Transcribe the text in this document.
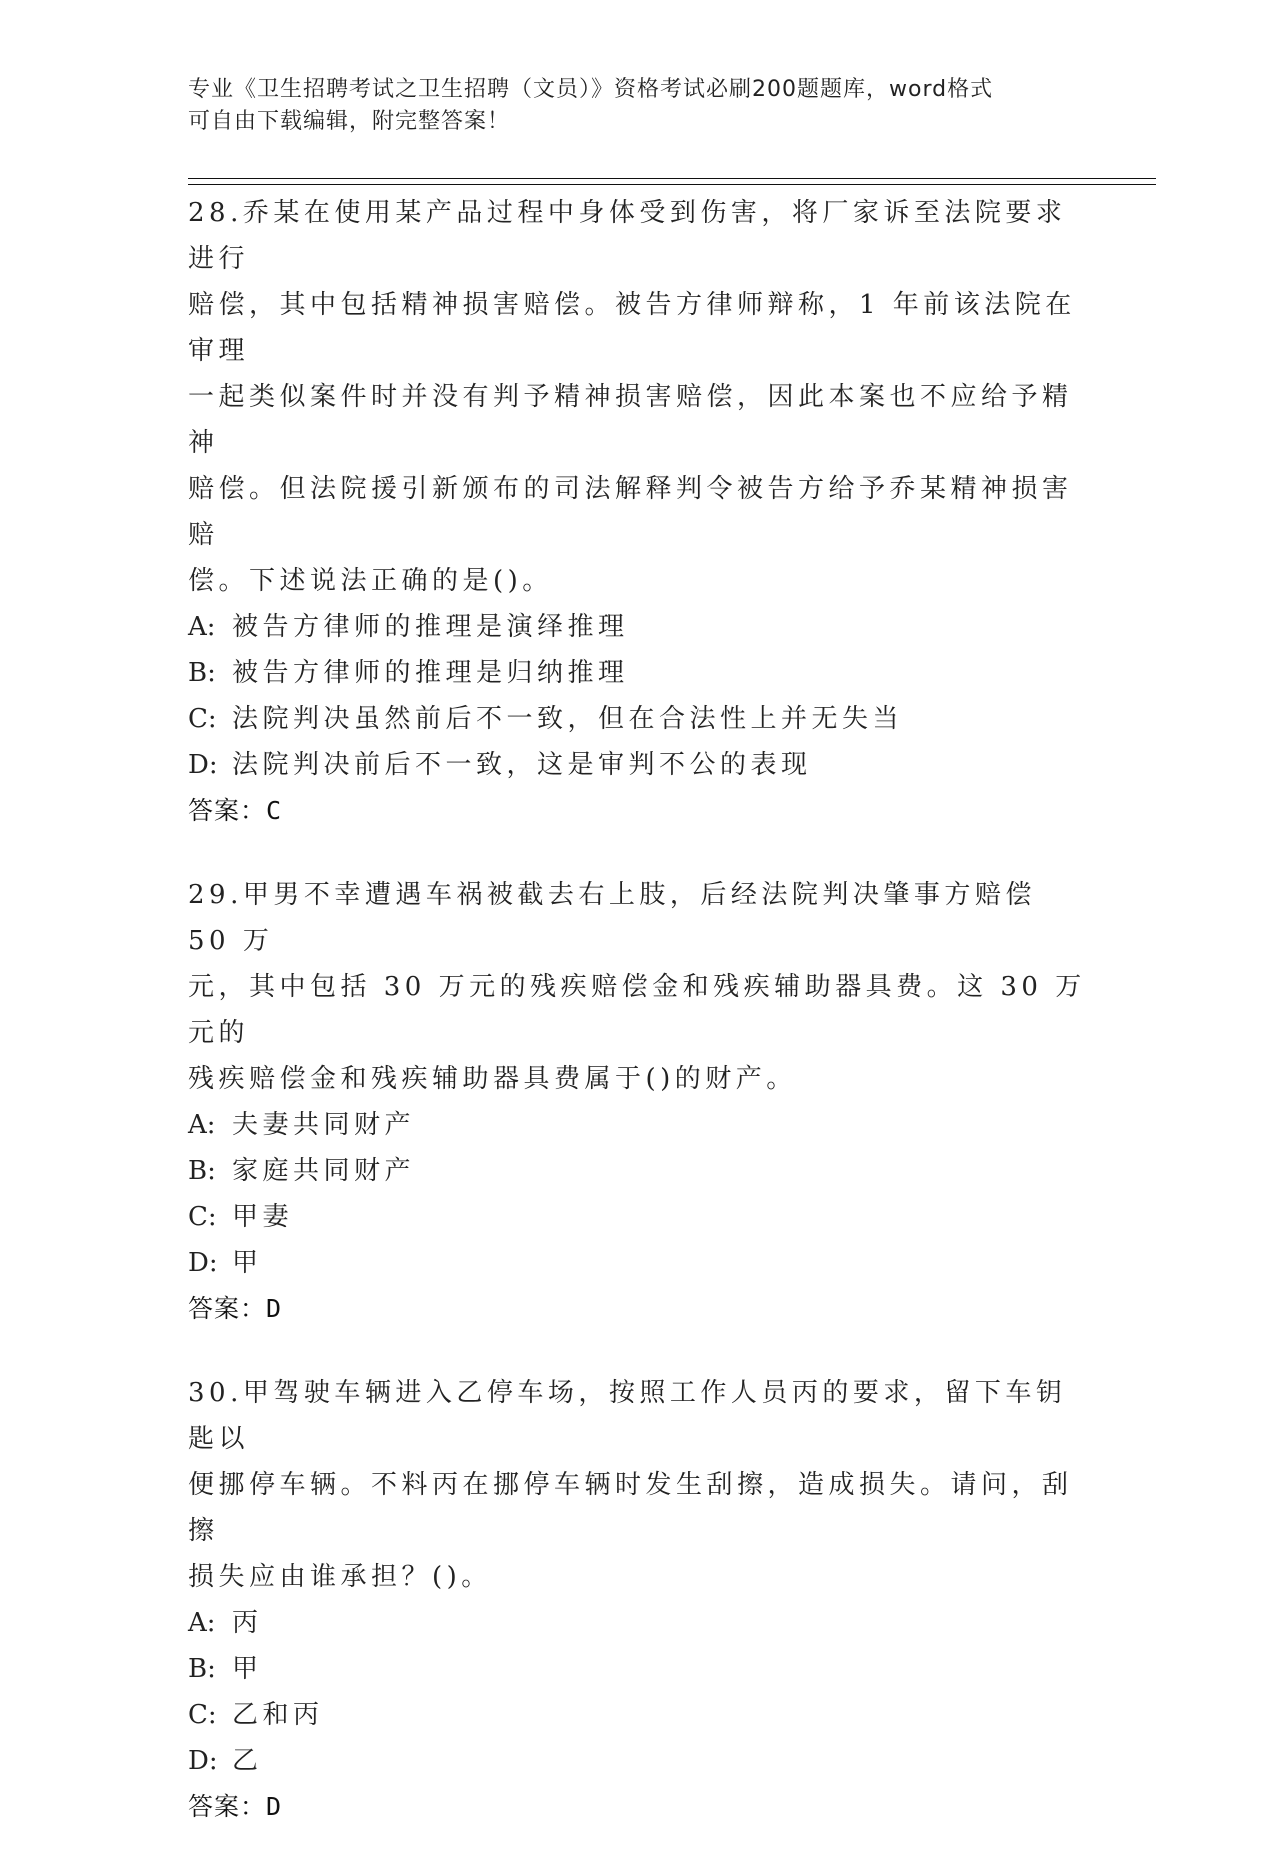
专业《卫生招聘考试之卫生招聘（文员）》资格考试必刷200题题库，word格式
可自由下载编辑，附完整答案！
28.乔某在使用某产品过程中身体受到伤害，将厂家诉至法院要求进行
赔偿，其中包括精神损害赔偿。被告方律师辩称，1 年前该法院在审理
一起类似案件时并没有判予精神损害赔偿，因此本案也不应给予精神
赔偿。但法院援引新颁布的司法解释判令被告方给予乔某精神损害赔
偿。下述说法正确的是()。
A: 被告方律师的推理是演绎推理
B: 被告方律师的推理是归纳推理
C: 法院判决虽然前后不一致，但在合法性上并无失当
D: 法院判决前后不一致，这是审判不公的表现
答案：C
29.甲男不幸遭遇车祸被截去右上肢，后经法院判决肇事方赔偿 50 万
元，其中包括 30 万元的残疾赔偿金和残疾辅助器具费。这 30 万元的
残疾赔偿金和残疾辅助器具费属于()的财产。
A: 夫妻共同财产
B: 家庭共同财产
C: 甲妻
D: 甲
答案：D
30.甲驾驶车辆进入乙停车场，按照工作人员丙的要求，留下车钥匙以
便挪停车辆。不料丙在挪停车辆时发生刮擦，造成损失。请问，刮擦
损失应由谁承担？()。
A: 丙
B: 甲
C: 乙和丙
D: 乙
答案：D
